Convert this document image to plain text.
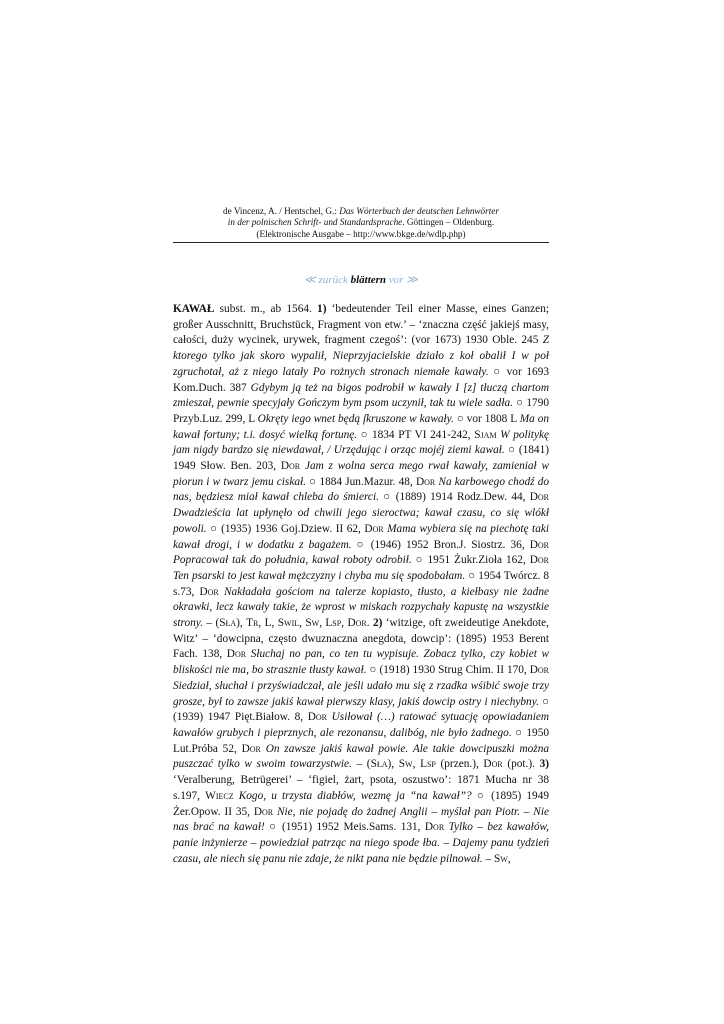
de Vincenz, A. / Hentschel, G.: Das Wörterbuch der deutschen Lehnwörter
in der polnischen Schrift- und Standardsprache. Göttingen – Oldenburg.
(Elektronische Ausgabe – http://www.bkge.de/wdlp.php)
≪ zurück blättern vor ≫
KAWAŁ subst. m., ab 1564. 1) ‘bedeutender Teil einer Masse, eines Ganzen; großer Ausschnitt, Bruchstück, Fragment von etw.’ – ‘znaczna część jakiejś masy, całości, duży wycinek, urywek, fragment czegoś’: (vor 1673) 1930 Oble. 245 Z ktorego tylko jak skoro wypalił, Nieprzyjacielskie działo z koł obalił I w poł zgruchotał, aż z niego latały Po rożnych stronach niemałe kawały. ○ vor 1693 Kom.Duch. 387 Gdybym ją też na bigos podrobił w kawały I [z] tłuczą chartom zmieszał, pewnie specyjały Gończym bym psom uczynił, tak tu wiele sadła. ○ 1790 Przyb.Luz. 299, L Okręty iego wnet będą ſkruszone w kawały. ○ vor 1808 L Ma on kawał fortuny; t.i. dosyć wielką fortunę. ○ 1834 PT VI 241-242, Sjam W politykę jam nigdy bardzo się niewdawał, / Urzędując i orząc mojéj ziemi kawał. ○ (1841) 1949 Słow. Ben. 203, Dor Jam z wolna serca mego rwał kawały, zamieniał w piorun i w twarz jemu ciskał. ○ 1884 Jun.Mazur. 48, Dor Na karbowego chodź do nas, będziesz miał kawał chleba do śmierci. ○ (1889) 1914 Rodz.Dew. 44, Dor Dwadzieścia lat upłynęło od chwili jego sieroctwa; kawał czasu, co się wlókł powoli. ○ (1935) 1936 Goj.Dziew. II 62, Dor Mama wybiera się na piechotę taki kawał drogi, i w dodatku z bagażem. ○ (1946) 1952 Bron.J. Siostrz. 36, Dor Popracował tak do południa, kawał roboty odrobił. ○ 1951 Żukr.Zioła 162, Dor Ten psarski to jest kawał mężczyzny i chyba mu się spodobałam. ○ 1954 Twórcz. 8 s.73, Dor Nakładała gościom na talerze kopiasto, tłusto, a kiełbasy nie żadne okrawki, lecz kawały takie, że wprost w miskach rozpychały kapustę na wszystkie strony. – (Sła), Tr, L, Swil, Sw, Lsp, Dor. 2) ‘witzige, oft zweideutige Anekdote, Witz’ – ‘dowcipna, często dwuznaczna anegdota, dowcip’: (1895) 1953 Berent Fach. 138, Dor Słuchaj no pan, co ten tu wypisuje. Zobacz tylko, czy kobiet w bliskości nie ma, bo strasznie tłusty kawał. ○ (1918) 1930 Strug Chim. II 170, Dor Siedział, słuchał i przyświadczał, ale jeśli udało mu się z rzadka wśibić swoje trzy grosze, był to zawsze jakiś kawał pierwszy klasy, jakiś dowcip ostry i niechybny. ○ (1939) 1947 Pięt.Białow. 8, Dor Usiłował (…) ratować sytuację opowiadaniem kawałów grubych i pieprznych, ale rezonansu, dalibóg, nie było żadnego. ○ 1950 Lut.Próba 52, Dor On zawsze jakiś kawał powie. Ale takie dowcipuszki można puszczać tylko w swoim towarzystwie. – (Sła), Sw, Lsp (przen.), Dor (pot.). 3) ‘Veralberung, Betrügerei’ – ‘figiel, żart, psota, oszustwo’: 1871 Mucha nr 38 s.197, Wiecz Kogo, u trzysta diabłów, wezmę ja “na kawał”? ○ (1895) 1949 Żer.Opow. II 35, Dor Nie, nie pojadę do żadnej Anglii – myślał pan Piotr. – Nie nas brać na kawał! ○ (1951) 1952 Meis.Sams. 131, Dor Tylko – bez kawałów, panie inżynierze – powiedział patrząc na niego spode łba. – Dajemy panu tydzień czasu, ale niech się panu nie zdaje, że nikt pana nie będzie pilnował. – Sw,
